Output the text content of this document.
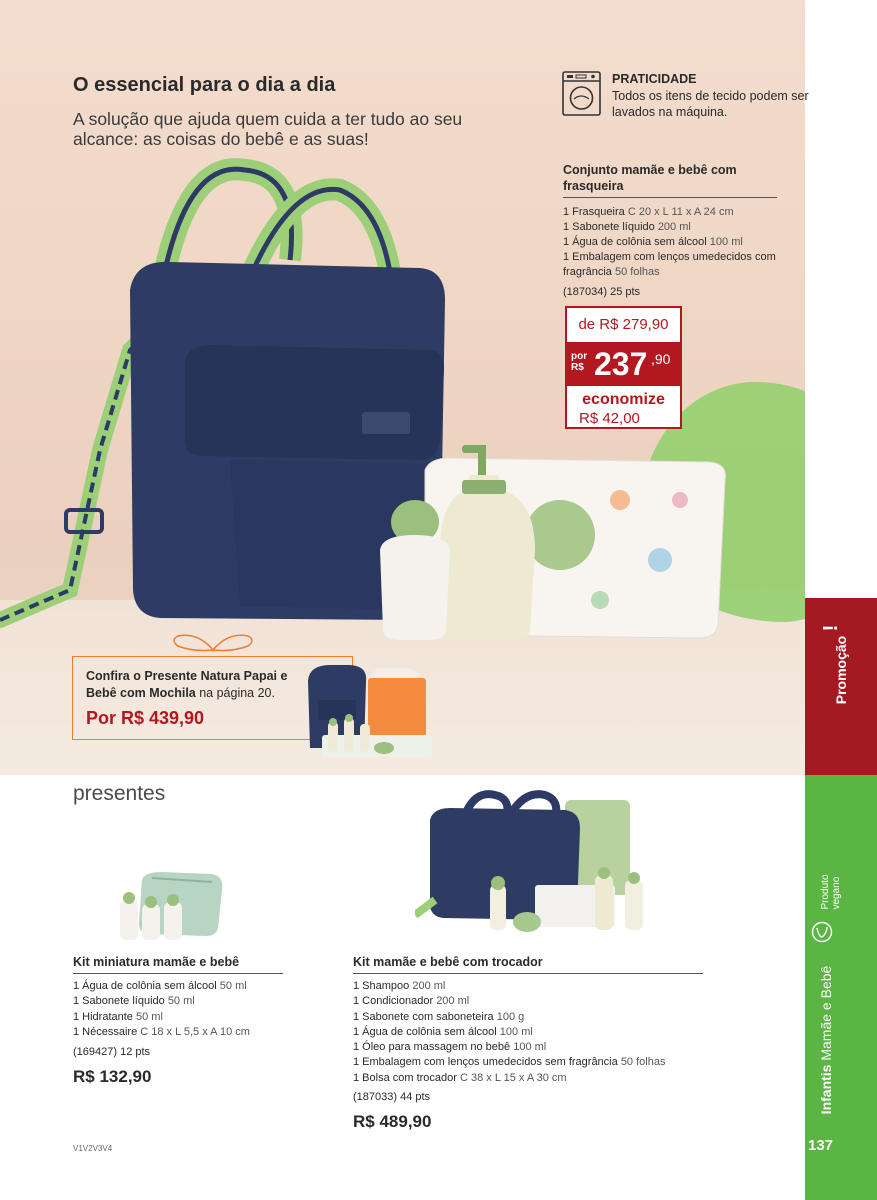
O essencial para o dia a dia
A solução que ajuda quem cuida a ter tudo ao seu alcance: as coisas do bebê e as suas!
PRATICIDADE
Todos os itens de tecido podem ser lavados na máquina.
Conjunto mamãe e bebê com frasqueira
1 Frasqueira C 20 x L 11 x A 24 cm
1 Sabonete líquido 200 ml
1 Água de colônia sem álcool 100 ml
1 Embalagem com lenços umedecidos com fragrância 50 folhas
(187034) 25 pts
de R$ 279,90
por R$ 237 ,90
economize
R$ 42,00
Confira o Presente Natura Papai e Bebê com Mochila na página 20.
Por R$ 439,90
presentes
Kit miniatura mamãe e bebê
1 Água de colônia sem álcool 50 ml
1 Sabonete líquido 50 ml
1 Hidratante 50 ml
1 Nécessaire C 18 x L 5,5 x A 10 cm
(169427) 12 pts
R$ 132,90
Kit mamãe e bebê com trocador
1 Shampoo 200 ml
1 Condicionador 200 ml
1 Sabonete com saboneteira 100 g
1 Água de colônia sem álcool 100 ml
1 Óleo para massagem no bebê 100 ml
1 Embalagem com lenços umedecidos sem fragrância 50 folhas
1 Bolsa com trocador C 38 x L 15 x A 30 cm
(187033) 44 pts
R$ 489,90
V1V2V3V4
!
Promoção
Produto
vegano
Infantis Mamãe e Bebê
137
